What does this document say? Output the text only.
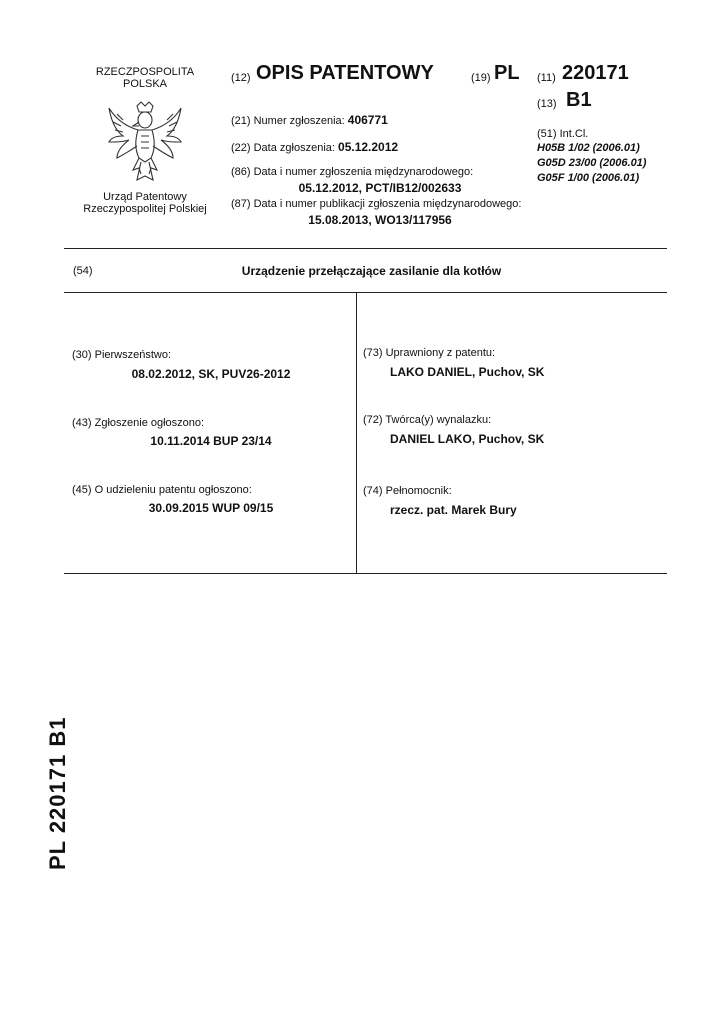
RZECZPOSPOLITA
POLSKA
Urząd Patentowy
Rzeczypospolitej Polskiej
(12) OPIS PATENTOWY	(19) PL (11) 220171
(13) B1
(21) Numer zgłoszenia: 406771
(22) Data zgłoszenia: 05.12.2012
(86) Data i numer zgłoszenia międzynarodowego:
05.12.2012, PCT/IB12/002633
(87) Data i numer publikacji zgłoszenia międzynarodowego:
15.08.2013, WO13/117956
(51) Int.Cl.
H05B 1/02 (2006.01)
G05D 23/00 (2006.01)
G05F 1/00 (2006.01)
(54)	Urządzenie przełączające zasilanie dla kotłów
(30) Pierwszeństwo:
08.02.2012, SK, PUV26-2012
(43) Zgłoszenie ogłoszono:
10.11.2014 BUP 23/14
(45) O udzieleniu patentu ogłoszono:
30.09.2015 WUP 09/15
(73) Uprawniony z patentu:
LAKO DANIEL, Puchov, SK
(72) Twórca(y) wynalazku:
DANIEL LAKO, Puchov, SK
(74) Pełnomocnik:
rzecz. pat. Marek Bury
PL 220171 B1
